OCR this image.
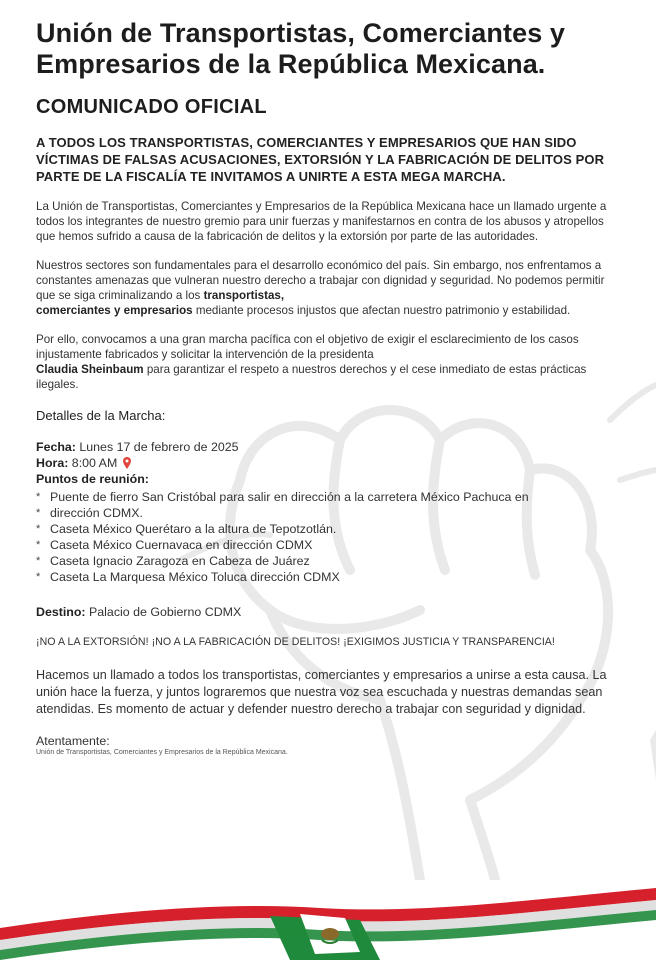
Unión de Transportistas, Comerciantes y Empresarios de la República Mexicana.
COMUNICADO OFICIAL
A TODOS LOS TRANSPORTISTAS, COMERCIANTES Y EMPRESARIOS QUE HAN SIDO VÍCTIMAS DE FALSAS ACUSACIONES, EXTORSIÓN Y LA FABRICACIÓN DE DELITOS POR PARTE DE LA FISCALÍA TE INVITAMOS A UNIRTE A ESTA MEGA MARCHA.

La Unión de Transportistas, Comerciantes y Empresarios de la República Mexicana hace un llamado urgente a todos los integrantes de nuestro gremio para unir fuerzas y manifestarnos en contra de los abusos y atropellos que hemos sufrido a causa de la fabricación de delitos y la extorsión por parte de las autoridades.

Nuestros sectores son fundamentales para el desarrollo económico del país. Sin embargo, nos enfrentamos a constantes amenazas que vulneran nuestro derecho a trabajar con dignidad y seguridad. No podemos permitir que se siga criminalizando a los transportistas,
comerciantes y empresarios mediante procesos injustos que afectan nuestro patrimonio y estabilidad.

Por ello, convocamos a una gran marcha pacífica con el objetivo de exigir el esclarecimiento de los casos injustamente fabricados y solicitar la intervención de la presidenta
Claudia Sheinbaum para garantizar el respeto a nuestros derechos y el cese inmediato de estas prácticas ilegales.

Detalles de la Marcha:
Fecha: Lunes 17 de febrero de 2025
Hora: 8:00 AM
Puntos de reunión:
* Puente de fierro San Cristóbal para salir en dirección a la carretera México Pachuca en
* dirección CDMX.
* Caseta México Querétaro a la altura de Tepotzotlán.
* Caseta México Cuernavaca en dirección CDMX
* Caseta Ignacio Zaragoza en Cabeza de Juárez
* Caseta La Marquesa México Toluca dirección CDMX
Destino: Palacio de Gobierno CDMX
¡NO A LA EXTORSIÓN! ¡NO A LA FABRICACIÓN DE DELITOS! ¡EXIGIMOS JUSTICIA Y TRANSPARENCIA!

Hacemos un llamado a todos los transportistas, comerciantes y empresarios a unirse a esta causa. La unión hace la fuerza, y juntos lograremos que nuestra voz sea escuchada y nuestras demandas sean atendidas. Es momento de actuar y defender nuestro derecho a trabajar con seguridad y dignidad.

Atentamente:
Unión de Transportistas, Comerciantes y Empresarios de la República Mexicana.
